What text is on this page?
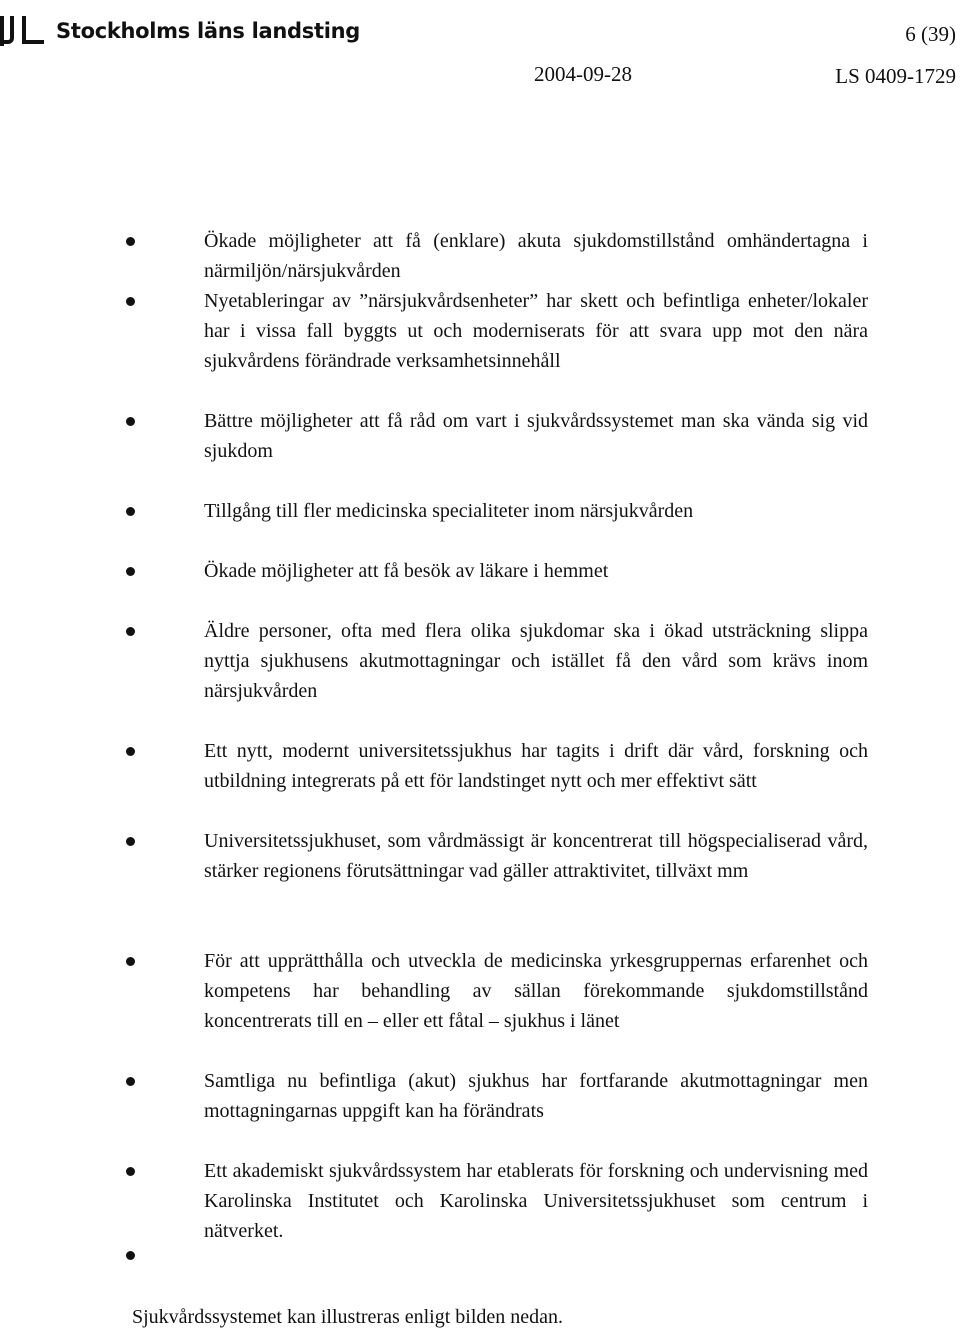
Stockholms läns landsting	6 (39)
2004-09-28	LS 0409-1729
Ökade möjligheter att få (enklare) akuta sjukdomstillstånd omhändertagna i närmiljön/närsjukvården
Nyetableringar av ”närsjukvårdsenheter” har skett och befintliga enheter/lokaler har i vissa fall byggts ut och moderniserats för att svara upp mot den nära sjukvårdens förändrade verksamhetsinnehåll
Bättre möjligheter att få råd om vart i sjukvårdssystemet man ska vända sig vid sjukdom
Tillgång till fler medicinska specialiteter inom närsjukvården
Ökade möjligheter att få besök av läkare i hemmet
Äldre personer, ofta med flera olika sjukdomar ska i ökad utsträckning slippa nyttja sjukhusens akutmottagningar och istället få den vård som krävs inom närsjukvården
Ett nytt, modernt universitetssjukhus har tagits i drift där vård, forskning och utbildning integrerats på ett för landstinget nytt och mer effektivt sätt
Universitetssjukhuset, som vårdmässigt är koncentrerat till högspecialiserad vård, stärker regionens förutsättningar vad gäller attraktivitet, tillväxt mm
För att upprätthålla och utveckla de medicinska yrkesgruppernas erfarenhet och kompetens har behandling av sällan förekommande sjukdomstillstånd koncentrerats till en – eller ett fåtal – sjukhus i länet
Samtliga nu befintliga (akut) sjukhus har fortfarande akutmottagningar men mottagningarnas uppgift kan ha förändrats
Ett akademiskt sjukvårdssystem har etablerats för forskning och undervisning med Karolinska Institutet och Karolinska Universitetssjukhuset som centrum i nätverket.
Sjukvårdssystemet kan illustreras enligt bilden nedan.
